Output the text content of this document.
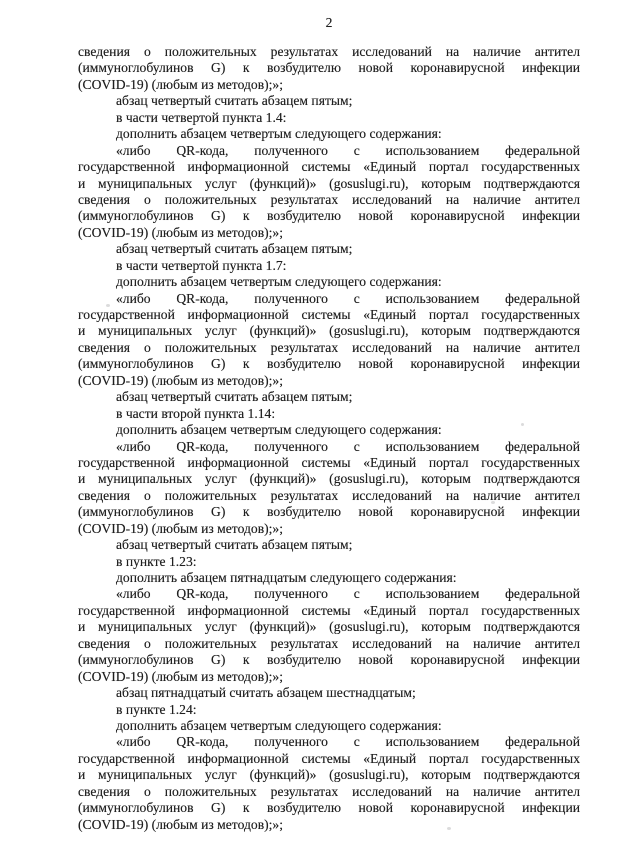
2
сведения о положительных результатах исследований на наличие антител
(иммуноглобулинов G) к возбудителю новой коронавирусной инфекции
(COVID-19) (любым из методов);»;
абзац четвертый считать абзацем пятым;
в части четвертой пункта 1.4:
дополнить абзацем четвертым следующего содержания:
«либо QR-кода, полученного с использованием федеральной
государственной информационной системы «Единый портал государственных
и муниципальных услуг (функций)» (gosuslugi.ru), которым подтверждаются
сведения о положительных результатах исследований на наличие антител
(иммуноглобулинов G) к возбудителю новой коронавирусной инфекции
(COVID-19) (любым из методов);»;
абзац четвертый считать абзацем пятым;
в части четвертой пункта 1.7:
дополнить абзацем четвертым следующего содержания:
«либо QR-кода, полученного с использованием федеральной
государственной информационной системы «Единый портал государственных
и муниципальных услуг (функций)» (gosuslugi.ru), которым подтверждаются
сведения о положительных результатах исследований на наличие антител
(иммуноглобулинов G) к возбудителю новой коронавирусной инфекции
(COVID-19) (любым из методов);»;
абзац четвертый считать абзацем пятым;
в части второй пункта 1.14:
дополнить абзацем четвертым следующего содержания:
«либо QR-кода, полученного с использованием федеральной
государственной информационной системы «Единый портал государственных
и муниципальных услуг (функций)» (gosuslugi.ru), которым подтверждаются
сведения о положительных результатах исследований на наличие антител
(иммуноглобулинов G) к возбудителю новой коронавирусной инфекции
(COVID-19) (любым из методов);»;
абзац четвертый считать абзацем пятым;
в пункте 1.23:
дополнить абзацем пятнадцатым следующего содержания:
«либо QR-кода, полученного с использованием федеральной
государственной информационной системы «Единый портал государственных
и муниципальных услуг (функций)» (gosuslugi.ru), которым подтверждаются
сведения о положительных результатах исследований на наличие антител
(иммуноглобулинов G) к возбудителю новой коронавирусной инфекции
(COVID-19) (любым из методов);»;
абзац пятнадцатый считать абзацем шестнадцатым;
в пункте 1.24:
дополнить абзацем четвертым следующего содержания:
«либо QR-кода, полученного с использованием федеральной
государственной информационной системы «Единый портал государственных
и муниципальных услуг (функций)» (gosuslugi.ru), которым подтверждаются
сведения о положительных результатах исследований на наличие антител
(иммуноглобулинов G) к возбудителю новой коронавирусной инфекции
(COVID-19) (любым из методов);»;
